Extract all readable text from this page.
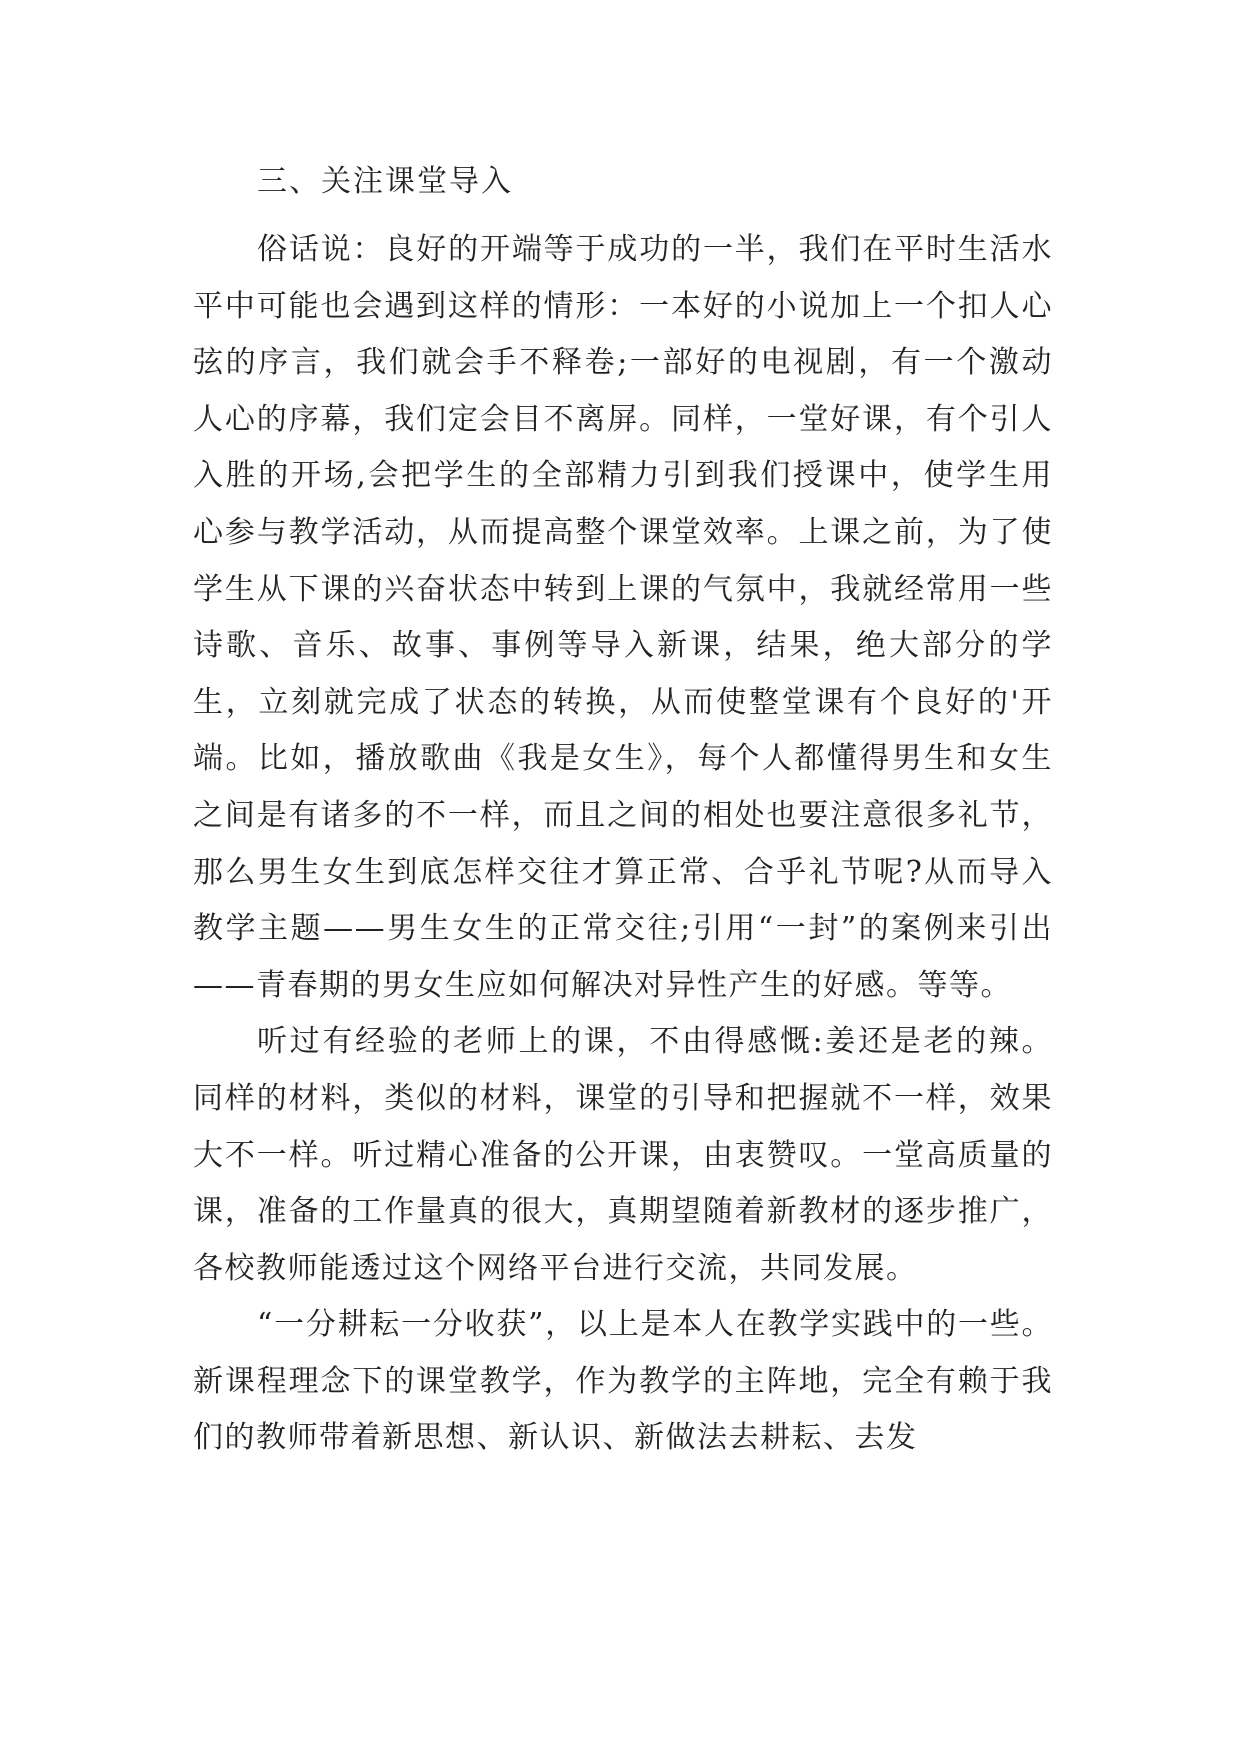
三、关注课堂导入

俗话说：良好的开端等于成功的一半，我们在平时生活水平中可能也会遇到这样的情形：一本好的小说加上一个扣人心弦的序言，我们就会手不释卷;一部好的电视剧，有一个激动人心的序幕，我们定会目不离屏。同样，一堂好课，有个引人入胜的开场,会把学生的全部精力引到我们授课中，使学生用心参与教学活动，从而提高整个课堂效率。上课之前，为了使学生从下课的兴奋状态中转到上课的气氛中，我就经常用一些诗歌、音乐、故事、事例等导入新课，结果，绝大部分的学生，立刻就完成了状态的转换，从而使整堂课有个良好的'开端。比如，播放歌曲《我是女生》，每个人都懂得男生和女生之间是有诸多的不一样，而且之间的相处也要注意很多礼节，那么男生女生到底怎样交往才算正常、合乎礼节呢?从而导入教学主题——男生女生的正常交往;引用“一封”的案例来引出——青春期的男女生应如何解决对异性产生的好感。等等。

听过有经验的老师上的课，不由得感慨:姜还是老的辣。同样的材料，类似的材料，课堂的引导和把握就不一样，效果大不一样。听过精心准备的公开课，由衷赞叹。一堂高质量的课，准备的工作量真的很大，真期望随着新教材的逐步推广，各校教师能透过这个网络平台进行交流，共同发展。

“一分耕耘一分收获”，以上是本人在教学实践中的一些。新课程理念下的课堂教学，作为教学的主阵地，完全有赖于我们的教师带着新思想、新认识、新做法去耕耘、去发
